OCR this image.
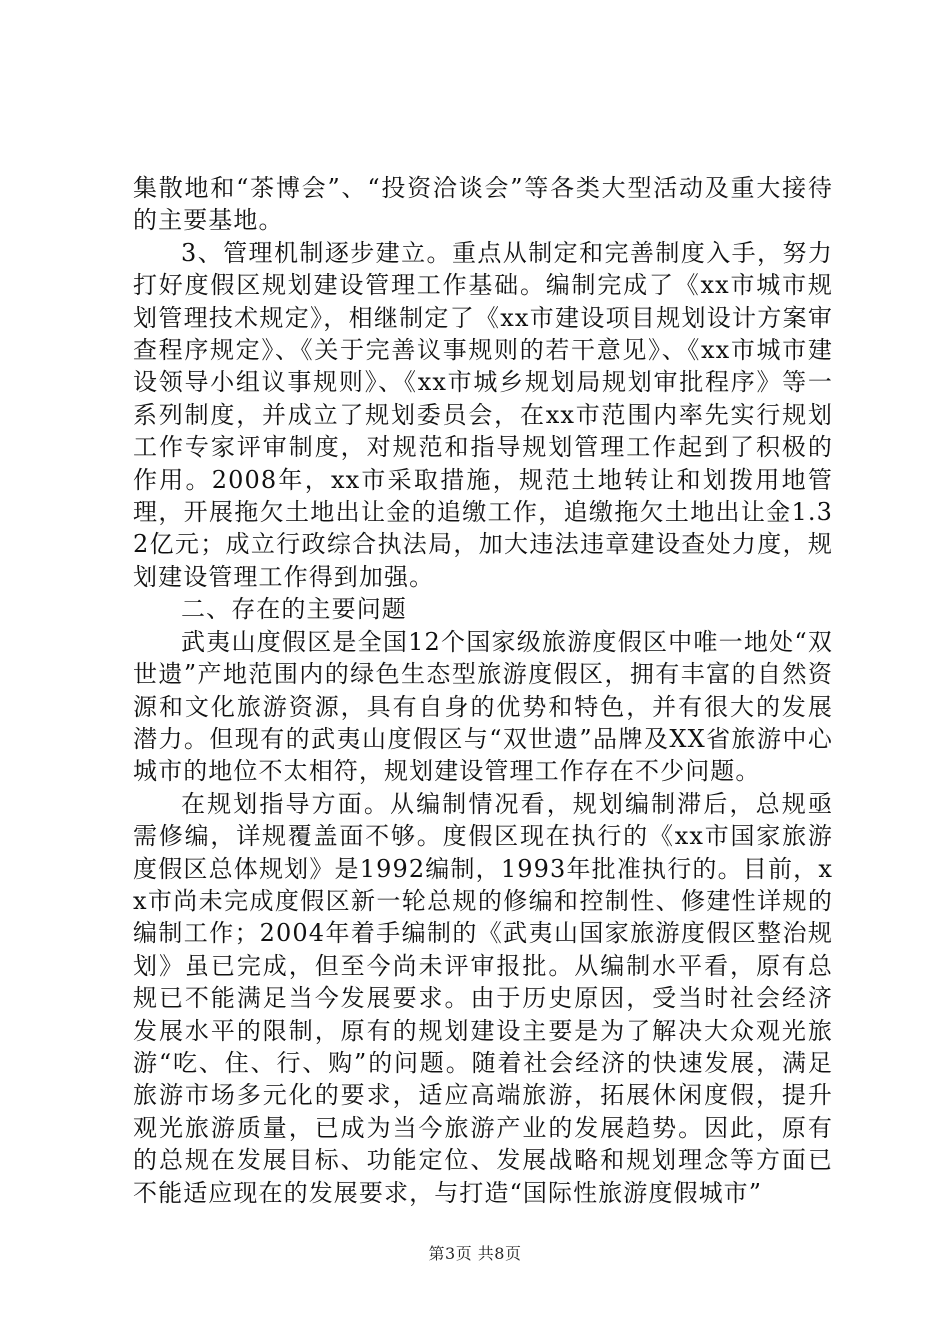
集散地和“茶博会”、“投资洽谈会”等各类大型活动及重大接待的主要基地。

3、管理机制逐步建立。重点从制定和完善制度入手，努力打好度假区规划建设管理工作基础。编制完成了《xx市城市规划管理技术规定》，相继制定了《xx市建设项目规划设计方案审查程序规定》、《关于完善议事规则的若干意见》、《xx市城市建设领导小组议事规则》、《xx市城乡规划局规划审批程序》等一系列制度，并成立了规划委员会，在xx市范围内率先实行规划工作专家评审制度，对规范和指导规划管理工作起到了积极的作用。2008年，xx市采取措施，规范土地转让和划拨用地管理，开展拖欠土地出让金的追缴工作，追缴拖欠土地出让金1.32亿元；成立行政综合执法局，加大违法违章建设查处力度，规划建设管理工作得到加强。

二、存在的主要问题

武夷山度假区是全国12个国家级旅游度假区中唯一地处“双世遗”产地范围内的绿色生态型旅游度假区，拥有丰富的自然资源和文化旅游资源，具有自身的优势和特色，并有很大的发展潜力。但现有的武夷山度假区与“双世遗”品牌及XX省旅游中心城市的地位不太相符，规划建设管理工作存在不少问题。

在规划指导方面。从编制情况看，规划编制滞后，总规亟需修编，详规覆盖面不够。度假区现在执行的《xx市国家旅游度假区总体规划》是1992编制，1993年批准执行的。目前，xx市尚未完成度假区新一轮总规的修编和控制性、修建性详规的编制工作；2004年着手编制的《武夷山国家旅游度假区整治规划》虽已完成，但至今尚未评审报批。从编制水平看，原有总规已不能满足当今发展要求。由于历史原因，受当时社会经济发展水平的限制，原有的规划建设主要是为了解决大众观光旅游“吃、住、行、购”的问题。随着社会经济的快速发展，满足旅游市场多元化的要求，适应高端旅游，拓展休闲度假，提升观光旅游质量，已成为当今旅游产业的发展趋势。因此，原有的总规在发展目标、功能定位、发展战略和规划理念等方面已不能适应现在的发展要求，与打造“国际性旅游度假城市”

第3页 共8页
